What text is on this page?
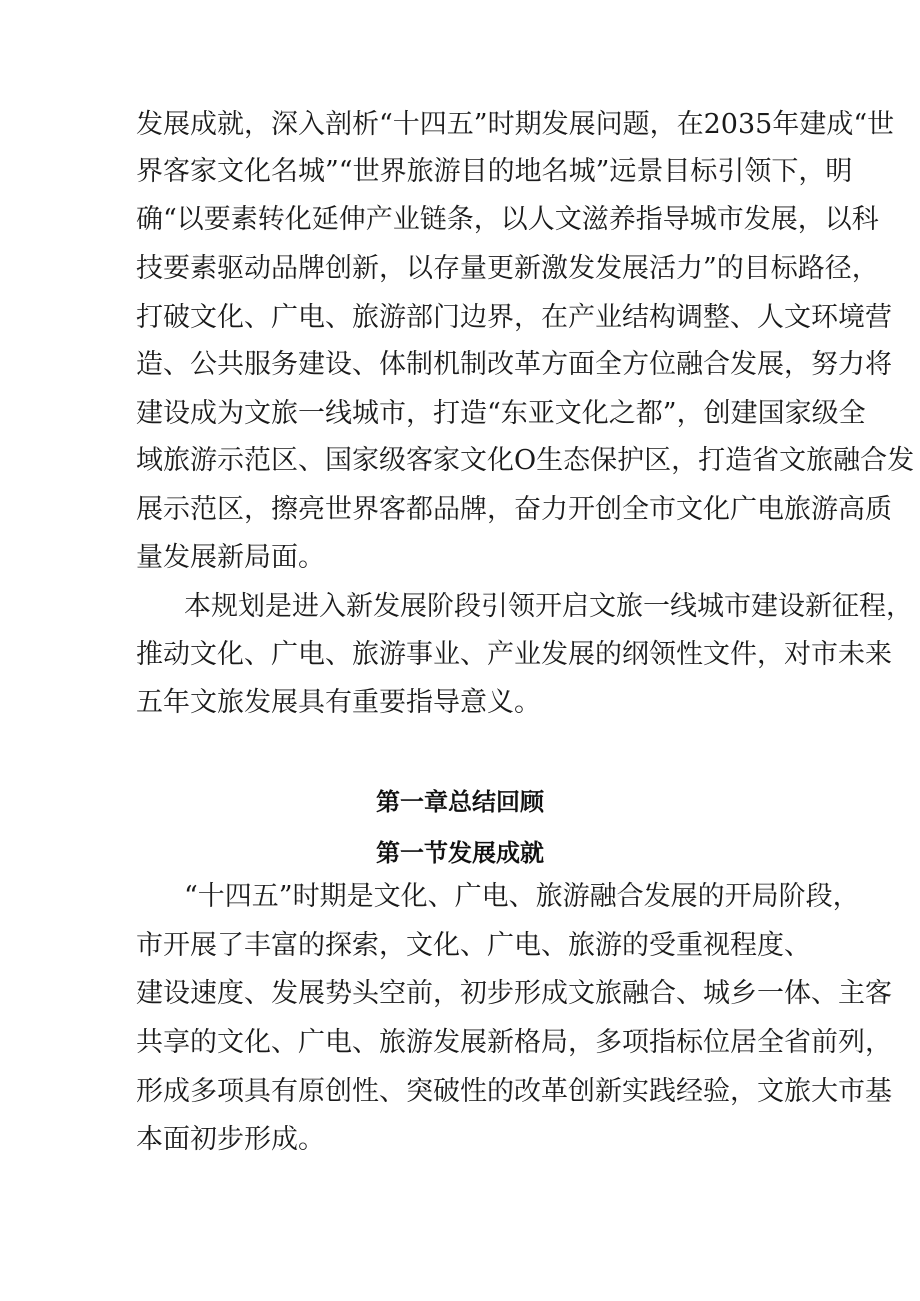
发展成就，深入剖析“十四五”时期发展问题，在2035年建成“世

界客家文化名城”“世界旅游目的地名城”远景目标引领下，明

确“以要素转化延伸产业链条，以人文滋养指导城市发展，以科

技要素驱动品牌创新，以存量更新激发发展活力”的目标路径，

打破文化、广电、旅游部门边界，在产业结构调整、人文环境营

造、公共服务建设、体制机制改革方面全方位融合发展，努力将

建设成为文旅一线城市，打造“东亚文化之都”，创建国家级全

域旅游示范区、国家级客家文化O生态保护区，打造省文旅融合发

展示范区，擦亮世界客都品牌，奋力开创全市文化广电旅游高质

量发展新局面。

本规划是进入新发展阶段引领开启文旅一线城市建设新征程，

推动文化、广电、旅游事业、产业发展的纲领性文件，对市未来

五年文旅发展具有重要指导意义。

第一章总结回顾
第一节发展成就

“十四五”时期是文化、广电、旅游融合发展的开局阶段，

市开展了丰富的探索，文化、广电、旅游的受重视程度、

建设速度、发展势头空前，初步形成文旅融合、城乡一体、主客

共享的文化、广电、旅游发展新格局，多项指标位居全省前列，

形成多项具有原创性、突破性的改革创新实践经验，文旅大市基

本面初步形成。
